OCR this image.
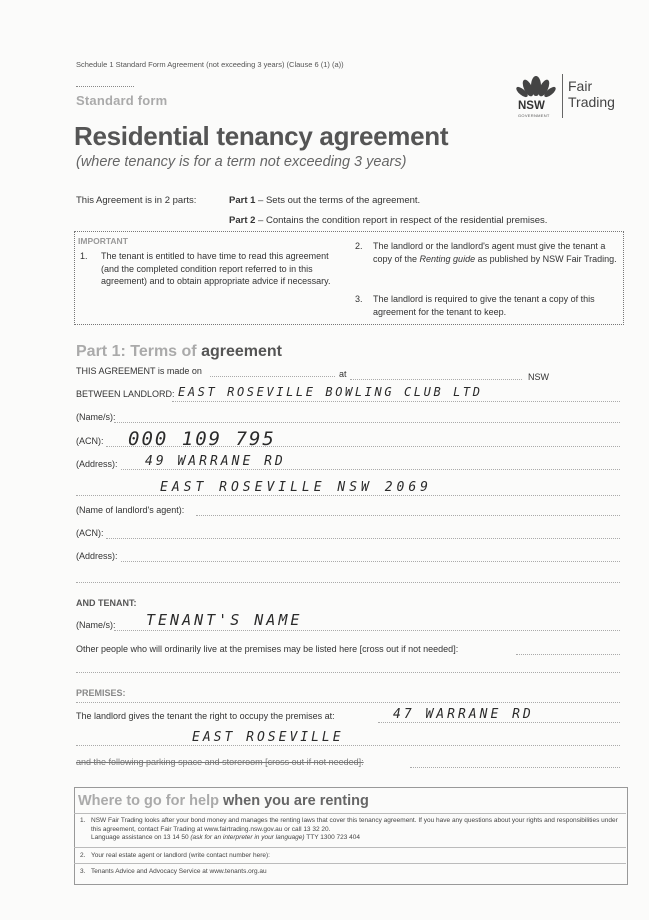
Schedule 1 Standard Form Agreement (not exceeding 3 years) (Clause 6 (1) (a))
Standard form
Residential tenancy agreement
(where tenancy is for a term not exceeding 3 years)
NSW
GOVERNMENT
Fair
Trading
This Agreement is in 2 parts:	Part 1 – Sets out the terms of the agreement.
Part 2 – Contains the condition report in respect of the residential premises.
IMPORTANT
1. The tenant is entitled to have time to read this agreement (and the completed condition report referred to in this agreement) and to obtain appropriate advice if necessary.
2. The landlord or the landlord's agent must give the tenant a copy of the Renting guide as published by NSW Fair Trading.
3. The landlord is required to give the tenant a copy of this agreement for the tenant to keep.
Part 1: Terms of agreement
THIS AGREEMENT is made on	at	NSW
BETWEEN LANDLORD: EAST ROSEVILLE BOWLING CLUB LTD
(Name/s):
(ACN): 000 109 795
(Address): 49 WARRANE RD
EAST ROSEVILLE NSW 2069
(Name of landlord's agent):
(ACN):
(Address):
AND TENANT:
(Name/s): TENANT'S NAME
Other people who will ordinarily live at the premises may be listed here [cross out if not needed]:
PREMISES:
The landlord gives the tenant the right to occupy the premises at:	47 WARRANE RD
EAST ROSEVILLE
and the following parking space and storeroom [cross out if not needed]:
Where to go for help when you are renting
1. NSW Fair Trading looks after your bond money and manages the renting laws that cover this tenancy agreement. If you have any questions about your rights and responsibilities under this agreement, contact Fair Trading at www.fairtrading.nsw.gov.au or call 13 32 20.
Language assistance on 13 14 50 (ask for an interpreter in your language) TTY 1300 723 404
2. Your real estate agent or landlord (write contact number here):
3. Tenants Advice and Advocacy Service at www.tenants.org.au
